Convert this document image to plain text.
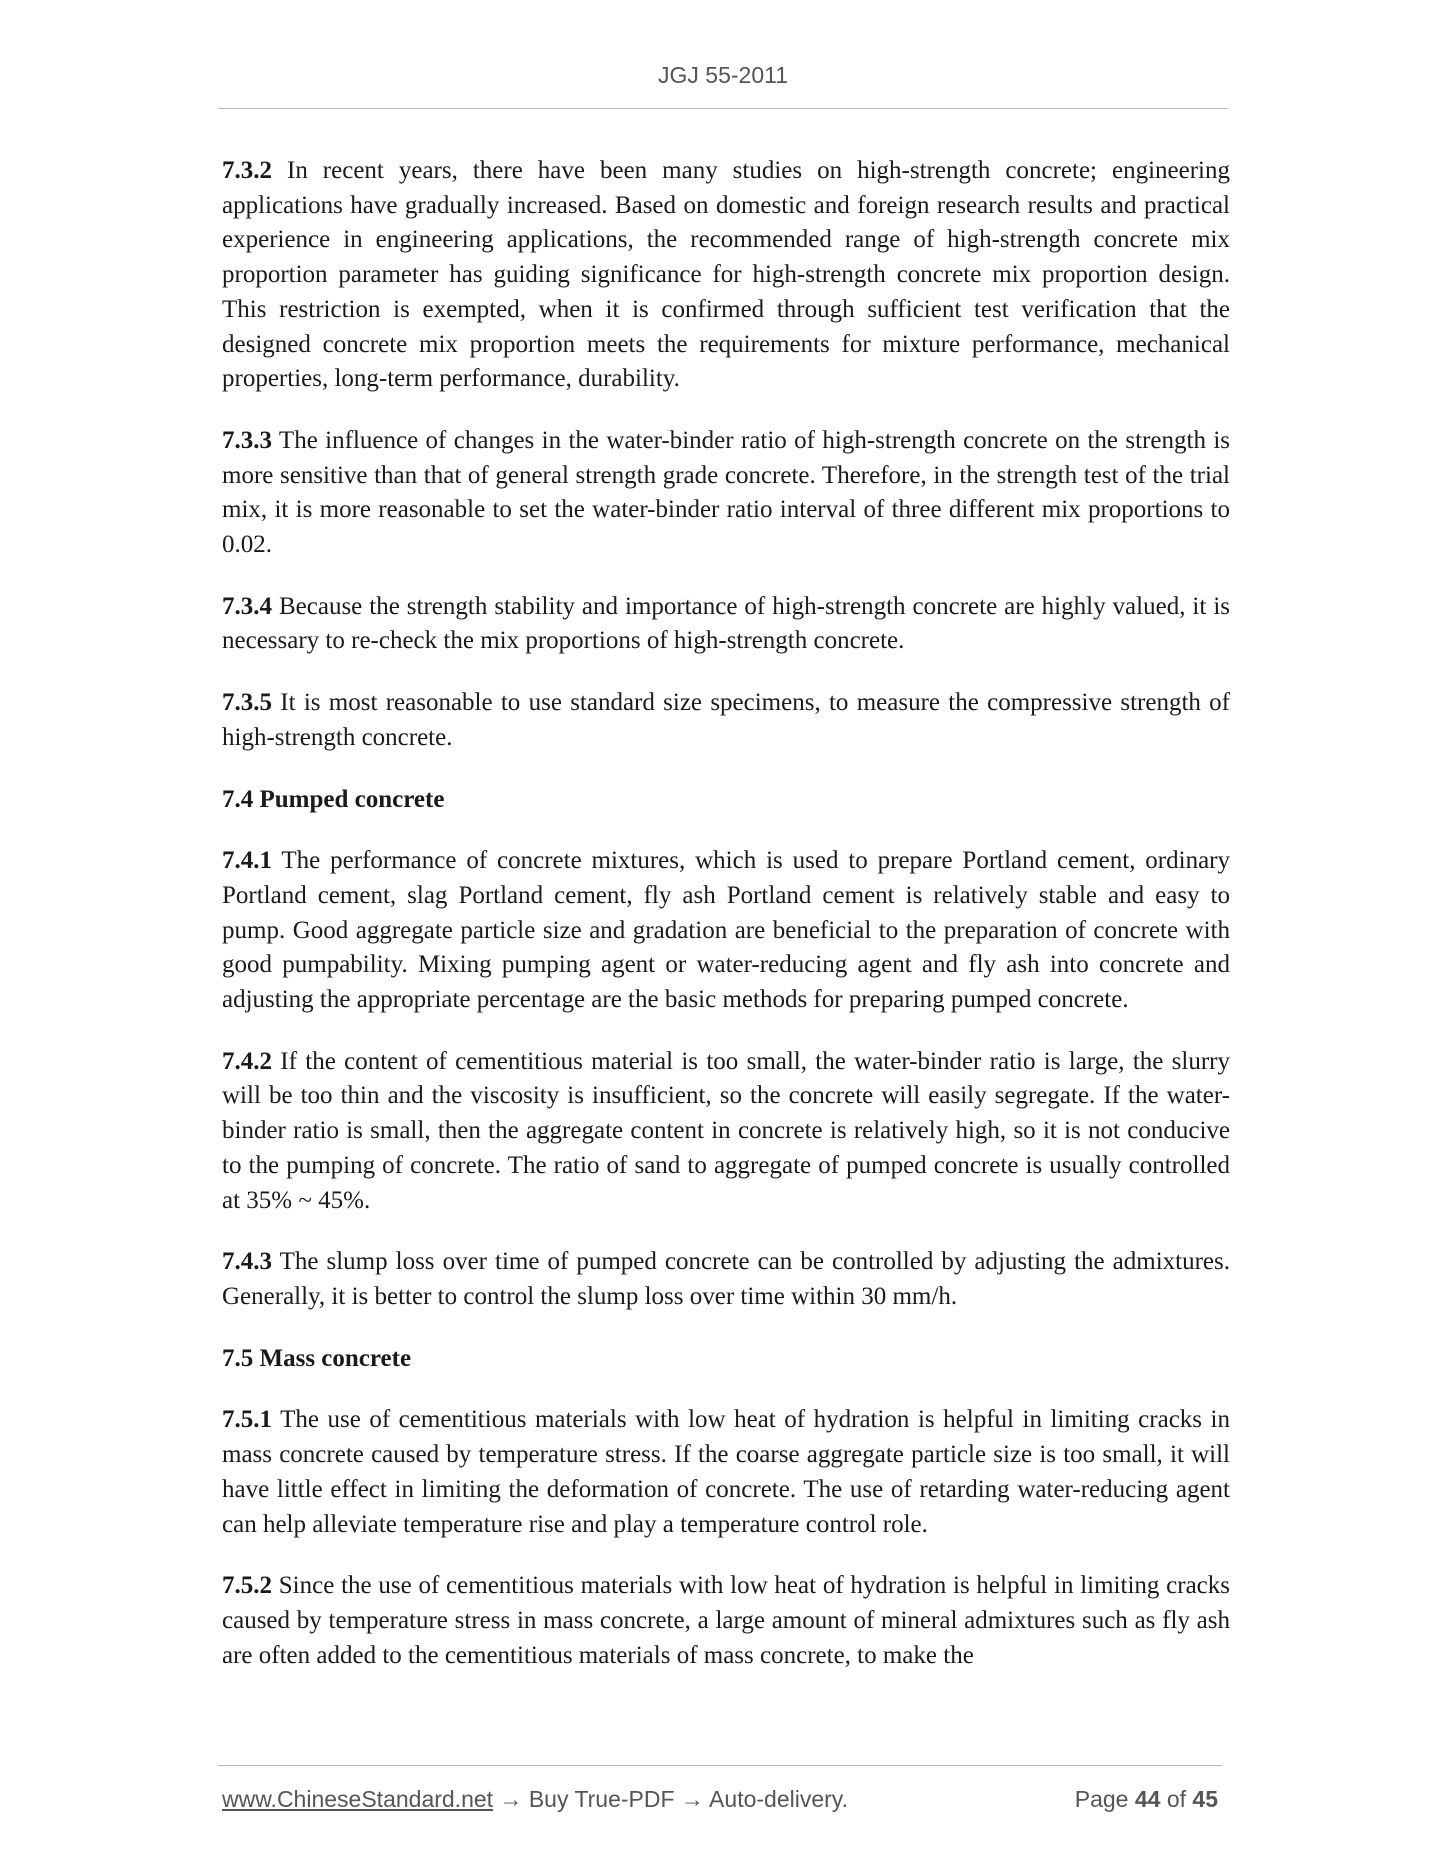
JGJ 55-2011

7.3.2 In recent years, there have been many studies on high-strength concrete; engineering applications have gradually increased. Based on domestic and foreign research results and practical experience in engineering applications, the recommended range of high-strength concrete mix proportion parameter has guiding significance for high-strength concrete mix proportion design. This restriction is exempted, when it is confirmed through sufficient test verification that the designed concrete mix proportion meets the requirements for mixture performance, mechanical properties, long-term performance, durability.

7.3.3 The influence of changes in the water-binder ratio of high-strength concrete on the strength is more sensitive than that of general strength grade concrete. Therefore, in the strength test of the trial mix, it is more reasonable to set the water-binder ratio interval of three different mix proportions to 0.02.

7.3.4 Because the strength stability and importance of high-strength concrete are highly valued, it is necessary to re-check the mix proportions of high-strength concrete.

7.3.5 It is most reasonable to use standard size specimens, to measure the compressive strength of high-strength concrete.

7.4 Pumped concrete

7.4.1 The performance of concrete mixtures, which is used to prepare Portland cement, ordinary Portland cement, slag Portland cement, fly ash Portland cement is relatively stable and easy to pump. Good aggregate particle size and gradation are beneficial to the preparation of concrete with good pumpability. Mixing pumping agent or water-reducing agent and fly ash into concrete and adjusting the appropriate percentage are the basic methods for preparing pumped concrete.

7.4.2 If the content of cementitious material is too small, the water-binder ratio is large, the slurry will be too thin and the viscosity is insufficient, so the concrete will easily segregate. If the water-binder ratio is small, then the aggregate content in concrete is relatively high, so it is not conducive to the pumping of concrete. The ratio of sand to aggregate of pumped concrete is usually controlled at 35% ~ 45%.

7.4.3 The slump loss over time of pumped concrete can be controlled by adjusting the admixtures. Generally, it is better to control the slump loss over time within 30 mm/h.

7.5 Mass concrete

7.5.1 The use of cementitious materials with low heat of hydration is helpful in limiting cracks in mass concrete caused by temperature stress. If the coarse aggregate particle size is too small, it will have little effect in limiting the deformation of concrete. The use of retarding water-reducing agent can help alleviate temperature rise and play a temperature control role.

7.5.2 Since the use of cementitious materials with low heat of hydration is helpful in limiting cracks caused by temperature stress in mass concrete, a large amount of mineral admixtures such as fly ash are often added to the cementitious materials of mass concrete, to make the

www.ChineseStandard.net → Buy True-PDF → Auto-delivery.	Page 44 of 45
